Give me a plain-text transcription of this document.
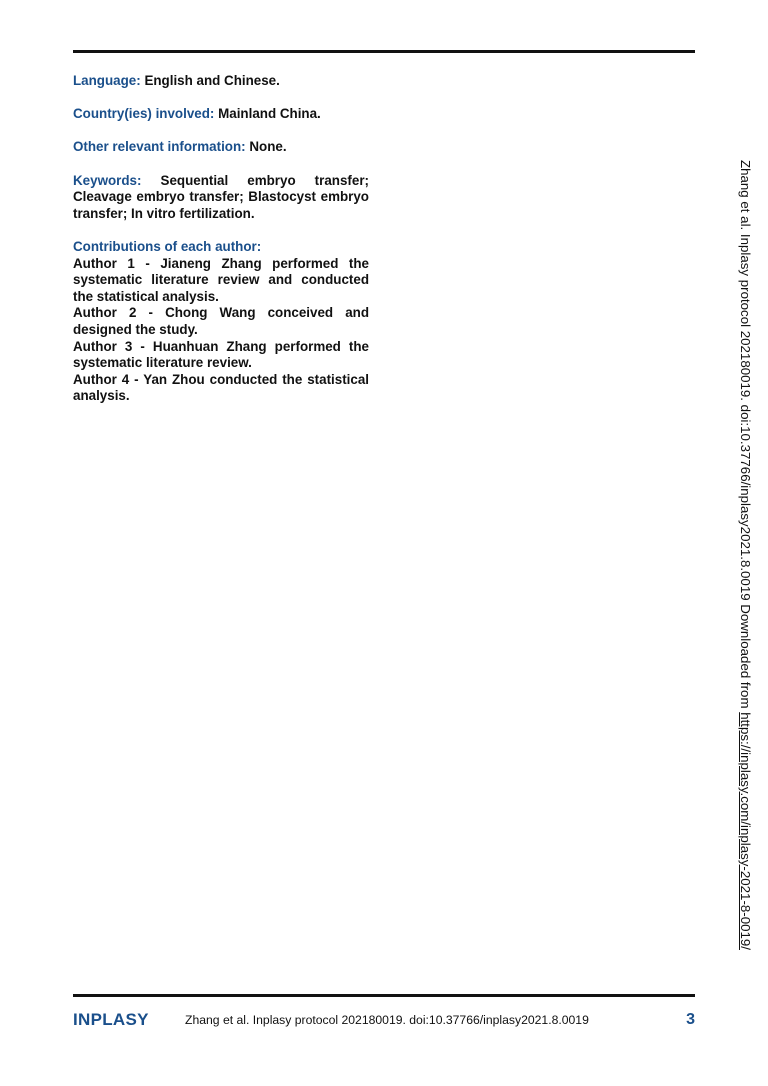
Language: English and Chinese.

Country(ies) involved: Mainland China.

Other relevant information: None.

Keywords: Sequential embryo transfer; Cleavage embryo transfer; Blastocyst embryo transfer; In vitro fertilization.

Contributions of each author:

Author 1 - Jianeng Zhang performed the systematic literature review and conducted the statistical analysis.

Author 2 - Chong Wang conceived and designed the study.

Author 3 - Huanhuan Zhang performed the systematic literature review.

Author 4 - Yan Zhou conducted the statistical analysis.	Zhang et al. Inplasy protocol 202180019. doi:10.37766/inplasy2021.8.0019 Downloaded from https://inplasy.com/inplasy-2021-8-0019/
INPLASY	Zhang et al. Inplasy protocol 202180019. doi:10.37766/inplasy2021.8.0019	3
